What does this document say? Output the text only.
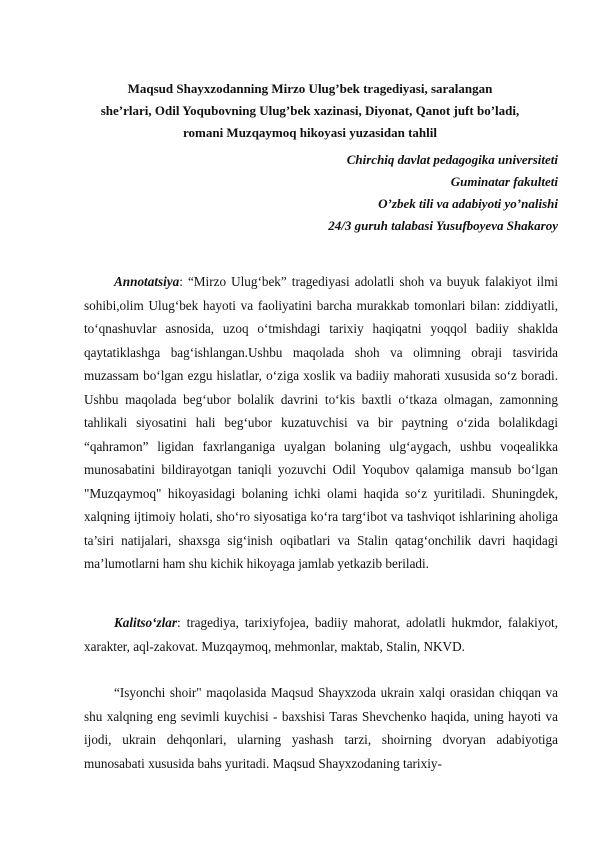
Maqsud Shayxzodanning Mirzo Ulug’bek tragediyasi, saralangan
she’rlari, Odil Yoqubovning Ulug’bek xazinasi, Diyonat, Qanot juft bo’ladi,
romani Muzqaymoq hikoyasi yuzasidan tahlil
Chirchiq davlat pedagogika universiteti
Guminatar fakulteti
O’zbek tili va adabiyoti yo’nalishi
24/3 guruh talabasi Yusufboyeva Shakaroy

Annotatsiya: “Mirzo Ulug‘bek” tragediyasi adolatli shoh va buyuk falakiyot ilmi sohibi,olim Ulug‘bek hayoti va faoliyatini barcha murakkab tomonlari bilan: ziddiyatli, to‘qnashuvlar asnosida, uzoq o‘tmishdagi tarixiy haqiqatni yoqqol badiiy shaklda qaytatiklashga bag‘ishlangan.Ushbu maqolada shoh va olimning obraji tasvirida muzassam bo‘lgan ezgu hislatlar, o‘ziga xoslik va badiiy mahorati xususida so‘z boradi. Ushbu maqolada beg‘ubor bolalik davrini to‘kis baxtli o‘tkaza olmagan, zamonning tahlikali siyosatini hali beg‘ubor kuzatuvchisi va bir paytning o‘zida bolalikdagi “qahramon” ligidan faxrlanganiga uyalgan bolaning ulg‘aygach, ushbu voqealikka munosabatini bildirayotgan taniqli yozuvchi Odil Yoqubov qalamiga mansub bo‘lgan "Muzqaymoq" hikoyasidagi bolaning ichki olami haqida so‘z yuritiladi. Shuningdek, xalqning ijtimoiy holati, sho‘ro siyosatiga ko‘ra targ‘ibot va tashviqot ishlarining aholiga ta’siri natijalari, shaxsga sig‘inish oqibatlari va Stalin qatag‘onchilik davri haqidagi ma’lumotlarni ham shu kichik hikoyaga jamlab yetkazib beriladi.

Kalitso‘zlar: tragediya, tarixiyfojea, badiiy mahorat, adolatli hukmdor, falakiyot, xarakter, aql-zakovat. Muzqaymoq, mehmonlar, maktab, Stalin, NKVD.

“Isyonchi shoir" maqolasida Maqsud Shayxzoda ukrain xalqi orasidan chiqqan va shu xalqning eng sevimli kuychisi - baxshisi Taras Shevchenko haqida, uning hayoti va ijodi, ukrain dehqonlari, ularning yashash tarzi, shoirning dvoryan adabiyotiga munosabati xususida bahs yuritadi. Maqsud Shayxzodaning tarixiy-
